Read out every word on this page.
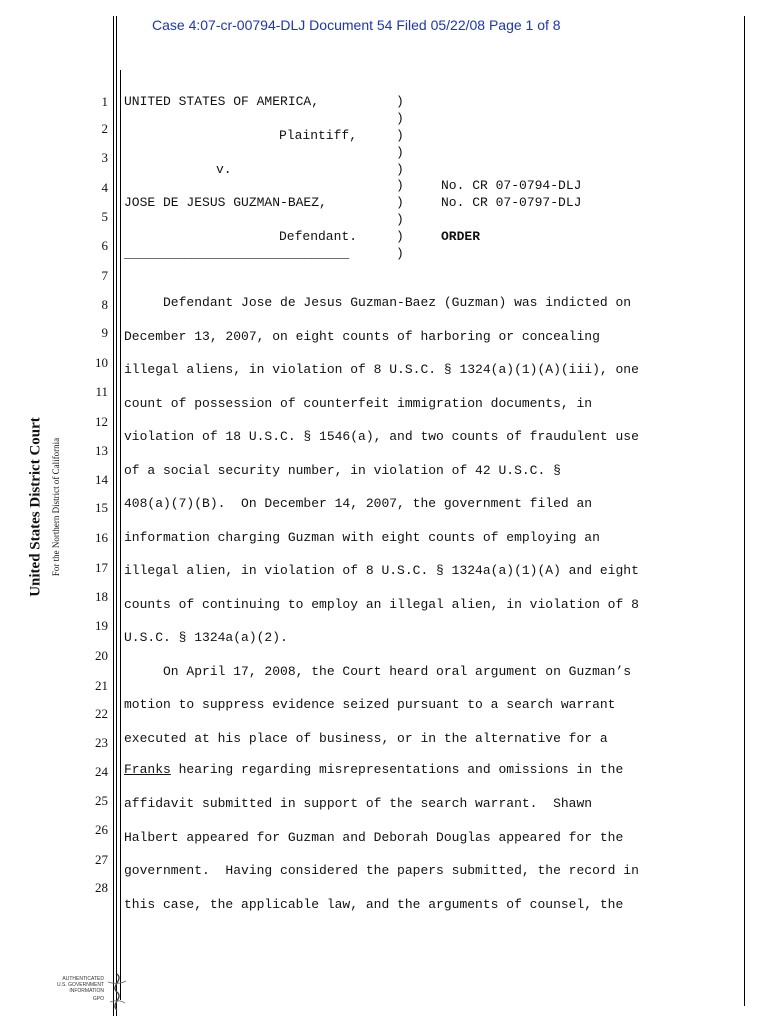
Case 4:07-cr-00794-DLJ Document 54 Filed 05/22/08 Page 1 of 8
United States District Court For the Northern District of California
1
2
3
4
5
6
7
8
9
10
11
12
13
14
15
16
17
18
19
20
21
22
23
24
25
26
27
28
UNITED STATES OF AMERICA,
Plaintiff,
v.
JOSE DE JESUS GUZMAN-BAEZ,
Defendant.
______________________________
)
)
)
)
)
)
)
)
)
)
No. CR 07-0794-DLJ
No. CR 07-0797-DLJ
ORDER
Defendant Jose de Jesus Guzman-Baez (Guzman) was indicted on
December 13, 2007, on eight counts of harboring or concealing
illegal aliens, in violation of 8 U.S.C. § 1324(a)(1)(A)(iii), one
count of possession of counterfeit immigration documents, in
violation of 18 U.S.C. § 1546(a), and two counts of fraudulent use
of a social security number, in violation of 42 U.S.C. §
408(a)(7)(B).  On December 14, 2007, the government filed an
information charging Guzman with eight counts of employing an
illegal alien, in violation of 8 U.S.C. § 1324a(a)(1)(A) and eight
counts of continuing to employ an illegal alien, in violation of 8
U.S.C. § 1324a(a)(2).
On April 17, 2008, the Court heard oral argument on Guzman’s
motion to suppress evidence seized pursuant to a search warrant
executed at his place of business, or in the alternative for a
Franks hearing regarding misrepresentations and omissions in the
affidavit submitted in support of the search warrant.  Shawn
Halbert appeared for Guzman and Deborah Douglas appeared for the
government.  Having considered the papers submitted, the record in
this case, the applicable law, and the arguments of counsel, the
AUTHENTICATED
U.S. GOVERNMENT
INFORMATION
GPO
